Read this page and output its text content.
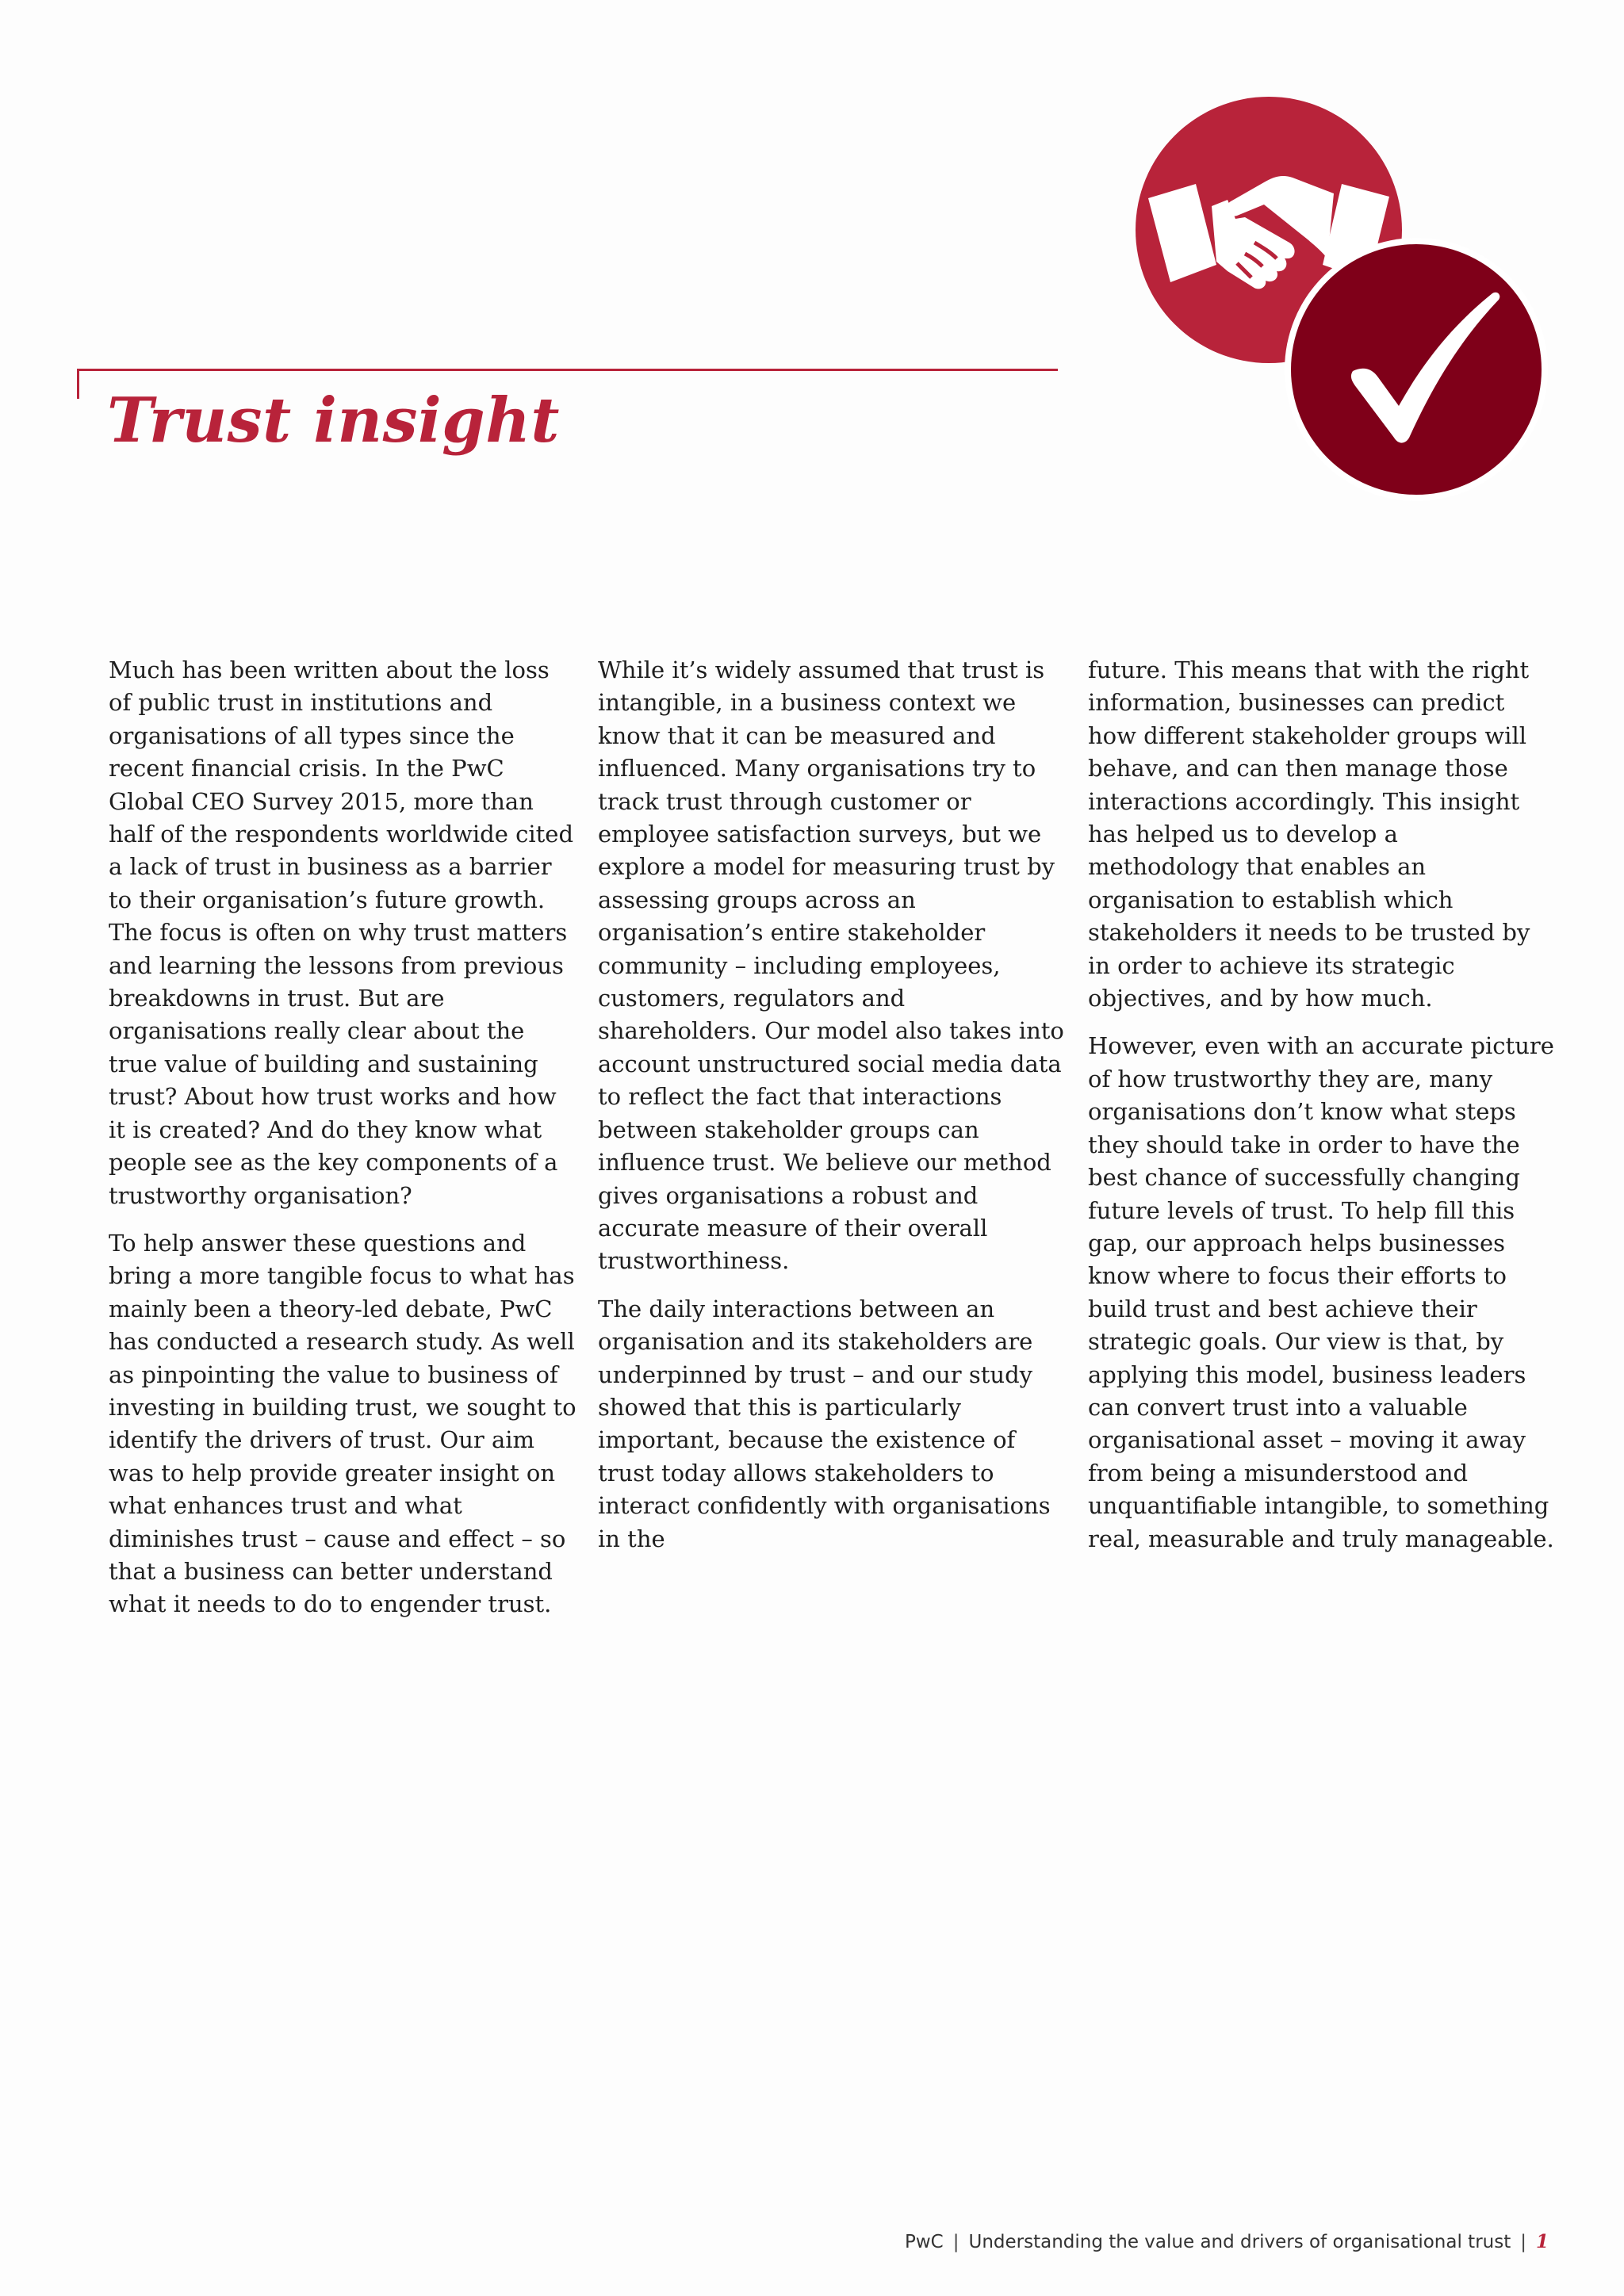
Trust insight

Much has been written about the loss of public trust in institutions and organisations of all types since the recent financial crisis. In the PwC Global CEO Survey 2015, more than half of the respondents worldwide cited a lack of trust in business as a barrier to their organisation’s future growth. The focus is often on why trust matters and learning the lessons from previous breakdowns in trust. But are organisations really clear about the true value of building and sustaining trust? About how trust works and how it is created? And do they know what people see as the key components of a trustworthy organisation?

To help answer these questions and bring a more tangible focus to what has mainly been a theory-led debate, PwC has conducted a research study. As well as pinpointing the value to business of investing in building trust, we sought to identify the drivers of trust. Our aim was to help provide greater insight on what enhances trust and what diminishes trust – cause and effect – so that a business can better understand what it needs to do to engender trust.

While it’s widely assumed that trust is intangible, in a business context we know that it can be measured and influenced. Many organisations try to track trust through customer or employee satisfaction surveys, but we explore a model for measuring trust by assessing groups across an organisation’s entire stakeholder community – including employees, customers, regulators and shareholders. Our model also takes into account unstructured social media data to reflect the fact that interactions between stakeholder groups can influence trust. We believe our method gives organisations a robust and accurate measure of their overall trustworthiness.

The daily interactions between an organisation and its stakeholders are underpinned by trust – and our study showed that this is particularly important, because the existence of trust today allows stakeholders to interact confidently with organisations in the

future. This means that with the right information, businesses can predict how different stakeholder groups will behave, and can then manage those interactions accordingly. This insight has helped us to develop a methodology that enables an organisation to establish which stakeholders it needs to be trusted by in order to achieve its strategic objectives, and by how much.

However, even with an accurate picture of how trustworthy they are, many organisations don’t know what steps they should take in order to have the best chance of successfully changing future levels of trust. To help fill this gap, our approach helps businesses know where to focus their efforts to build trust and best achieve their strategic goals. Our view is that, by applying this model, business leaders can convert trust into a valuable organisational asset – moving it away from being a misunderstood and unquantifiable intangible, to something real, measurable and truly manageable.

PwC | Understanding the value and drivers of organisational trust | 1
